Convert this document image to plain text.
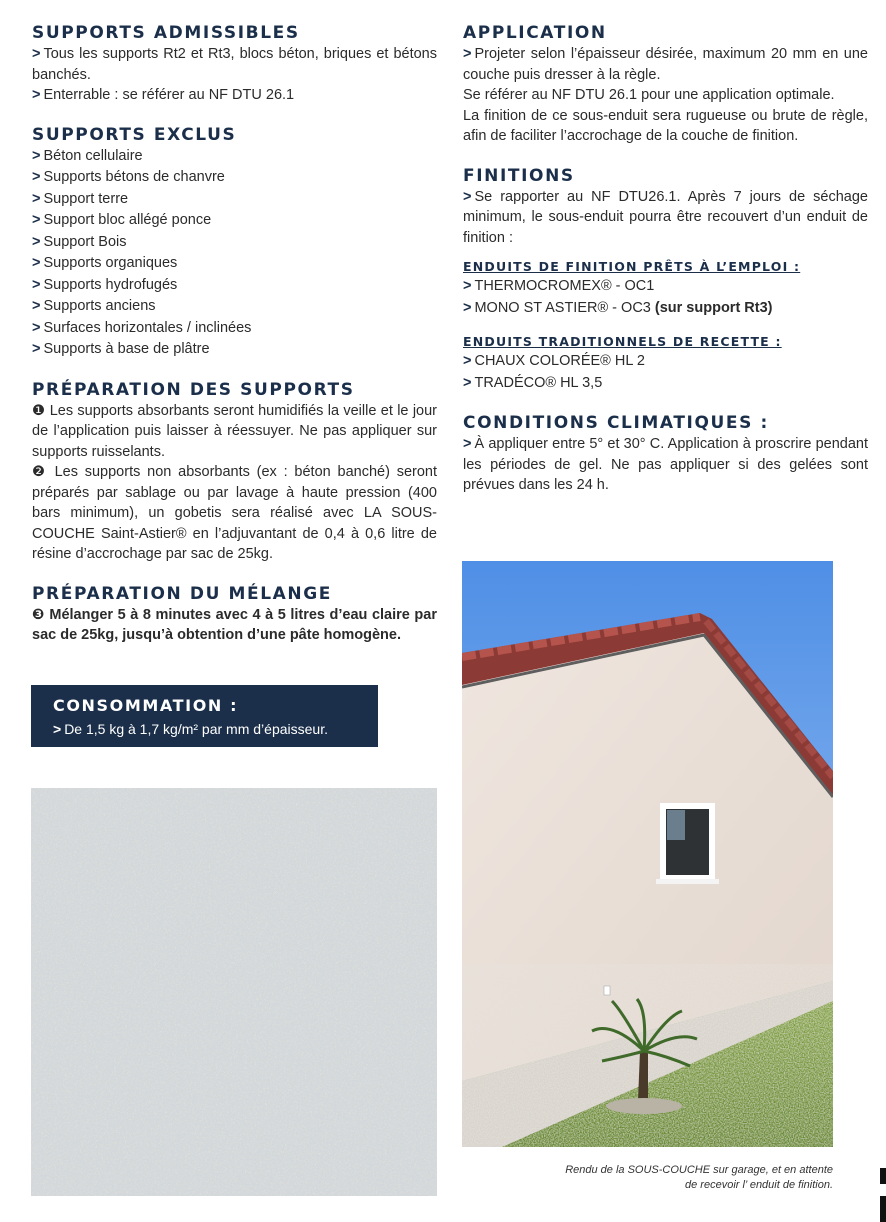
SUPPORTS ADMISSIBLES

> Tous les supports Rt2 et Rt3, blocs béton, briques et bétons banchés.

> Enterrable : se référer au NF DTU 26.1

SUPPORTS EXCLUS
> Béton cellulaire
> Supports bétons de chanvre
> Support terre
> Support bloc allégé ponce
> Support Bois
> Supports organiques
> Supports hydrofugés
> Supports anciens
> Surfaces horizontales / inclinées
> Supports à base de plâtre
PRÉPARATION DES SUPPORTS

❶ Les supports absorbants seront humidifiés la veille et le jour de l’application puis laisser à réessuyer. Ne pas appliquer sur supports ruisselants.

❷ Les supports non absorbants (ex : béton banché) seront préparés par sablage ou par lavage à haute pression (400 bars minimum), un gobetis sera réalisé avec LA SOUS-COUCHE Saint-Astier® en l’adjuvantant de 0,4 à 0,6 litre de résine d’accrochage par sac de 25kg.

PRÉPARATION DU MÉLANGE

❸ Mélanger 5 à 8 minutes avec 4 à 5 litres d’eau claire par sac de 25kg, jusqu’à obtention d’une pâte homogène.

CONSOMMATION :
> De 1,5 kg à 1,7 kg/m² par mm d’épaisseur.
APPLICATION

> Projeter selon l’épaisseur désirée, maximum 20 mm en une couche puis dresser à la règle.

Se référer au NF DTU 26.1 pour une application optimale.

La finition de ce sous-enduit sera rugueuse ou brute de règle, afin de faciliter l’accrochage de la couche de finition.

FINITIONS

> Se rapporter au NF DTU26.1. Après 7 jours de séchage minimum, le sous-enduit pourra être recouvert d’un enduit de finition :

ENDUITS DE FINITION PRÊTS À L’EMPLOI :
> THERMOCROMEX® - OC1
> MONO ST ASTIER® - OC3 (sur support Rt3)
ENDUITS TRADITIONNELS DE RECETTE :
> CHAUX COLORÉE® HL 2
> TRADÉCO® HL 3,5
CONDITIONS CLIMATIQUES :

> À appliquer entre 5° et 30° C. Application à proscrire pendant les périodes de gel. Ne pas appliquer si des gelées sont prévues dans les 24 h.

Rendu de la SOUS-COUCHE sur garage, et en attente
de recevoir l’ enduit de finition.
